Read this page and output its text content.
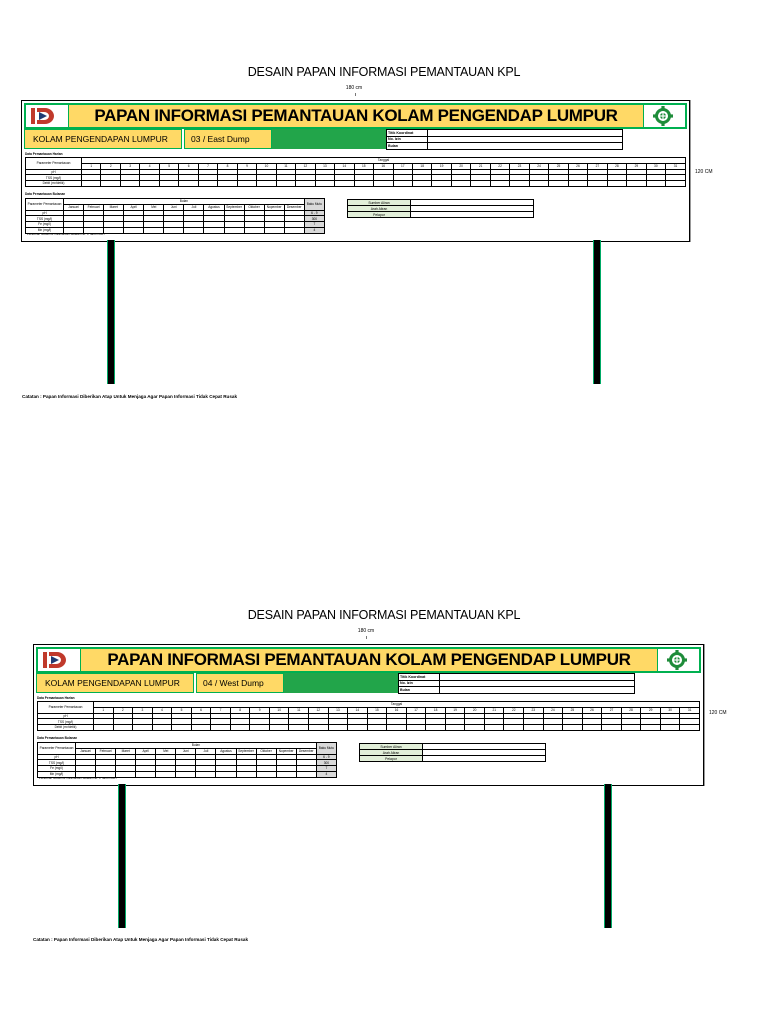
DESAIN PAPAN INFORMASI PEMANTAUAN KPL
180 cm
120 CM
PAPAN INFORMASI PEMANTAUAN KOLAM PENGENDAP LUMPUR
KOLAM PENGENDAPAN LUMPUR	03 / East Dump
Titik Koordinat	
No. Izin	
Bulan	
Data Pemantauan Harian
Parameter Pemantauan	Tanggal																														
	1	2	3	4	5	6	7	8	9	10	11	12	13	14	15	16	17	18	19	20	21	22	23	24	25	26	27	28	29	30	31
pH																															
TSS (mg/l)																															
Debit (m³/detik)																															
Data Pemantauan Bulanan
Parameter Pemantauan	Bulan												Baku Mutu
	Januari	Februari	Maret	April	Mei	Juni	Juli	Agustus	September	Oktober	Nopember	Desember	
pH													6 - 9
TSS (mg/l)													300
Fe (mg/l)													7
Mn (mg/l)													4
* Peraturan Gubernur Kalimantan Selatan No. 4 Tahun 2007
Sumber Aliran	
Arah Aliran	
Pelapor	
Catatan : Papan Informasi Diberikan Atap Untuk Menjaga Agar Papan Informasi Tidak Cepat Rusak
DESAIN PAPAN INFORMASI PEMANTAUAN KPL
180 cm
120 CM
PAPAN INFORMASI PEMANTAUAN KOLAM PENGENDAP LUMPUR
KOLAM PENGENDAPAN LUMPUR	04 / West Dump
Titik Koordinat	
No. Izin	
Bulan	
Data Pemantauan Harian
Parameter Pemantauan	Tanggal																														
	1	2	3	4	5	6	7	8	9	10	11	12	13	14	15	16	17	18	19	20	21	22	23	24	25	26	27	28	29	30	31
pH																															
TSS (mg/l)																															
Debit (m³/detik)																															
Data Pemantauan Bulanan
Parameter Pemantauan	Bulan												Baku Mutu
	Januari	Februari	Maret	April	Mei	Juni	Juli	Agustus	September	Oktober	Nopember	Desember	
pH													6 - 9
TSS (mg/l)													300
Fe (mg/l)													7
Mn (mg/l)													4
* Peraturan Gubernur Kalimantan Selatan No. 4 Tahun 2007
Sumber Aliran	
Arah Aliran	
Pelapor	
Catatan : Papan Informasi Diberikan Atap Untuk Menjaga Agar Papan Informasi Tidak Cepat Rusak
